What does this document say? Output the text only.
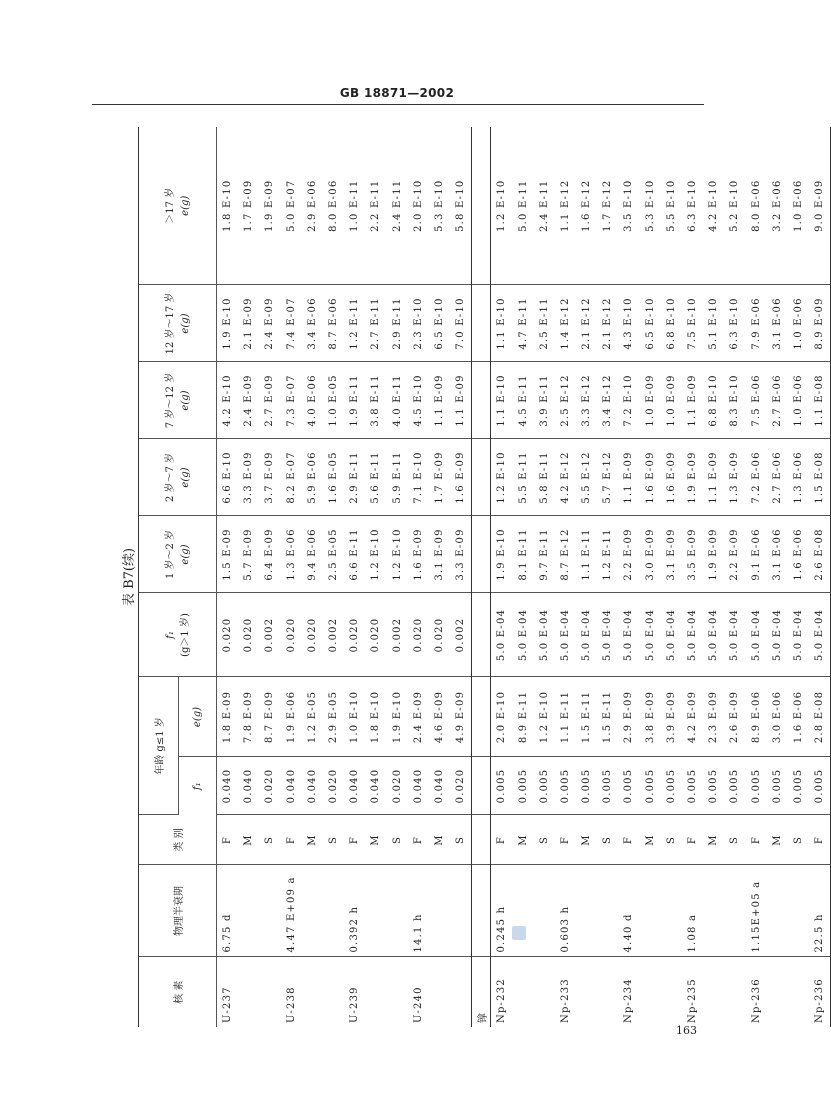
GB 18871—2002
表 B7(续)
核 素	物理半衰期	类 别	年龄 g≤1 岁		f₁ (g＞1 岁)	1 岁～2 岁 e(g)	2 岁～7 岁 e(g)	7 岁～12 岁 e(g)	12 岁～17 岁 e(g)	＞17 岁 e(g)

			f₁	e(g)						
U-237	6.75 d	F	0.040	1.8 E-09	0.020	1.5 E-09	6.6 E-10	4.2 E-10	1.9 E-10	1.8 E-10
		M	0.040	7.8 E-09	0.020	5.7 E-09	3.3 E-09	2.4 E-09	2.1 E-09	1.7 E-09
		S	0.020	8.7 E-09	0.002	6.4 E-09	3.7 E-09	2.7 E-09	2.4 E-09	1.9 E-09
U-238	4.47 E+09 a	F	0.040	1.9 E-06	0.020	1.3 E-06	8.2 E-07	7.3 E-07	7.4 E-07	5.0 E-07
		M	0.040	1.2 E-05	0.020	9.4 E-06	5.9 E-06	4.0 E-06	3.4 E-06	2.9 E-06
		S	0.020	2.9 E-05	0.002	2.5 E-05	1.6 E-05	1.0 E-05	8.7 E-06	8.0 E-06
U-239	0.392 h	F	0.040	1.0 E-10	0.020	6.6 E-11	2.9 E-11	1.9 E-11	1.2 E-11	1.0 E-11
		M	0.040	1.8 E-10	0.020	1.2 E-10	5.6 E-11	3.8 E-11	2.7 E-11	2.2 E-11
		S	0.020	1.9 E-10	0.002	1.2 E-10	5.9 E-11	4.0 E-11	2.9 E-11	2.4 E-11
U-240	14.1 h	F	0.040	2.4 E-09	0.020	1.6 E-09	7.1 E-10	4.5 E-10	2.3 E-10	2.0 E-10
		M	0.040	4.6 E-09	0.020	3.1 E-09	1.7 E-09	1.1 E-09	6.5 E-10	5.3 E-10
		S	0.020	4.9 E-09	0.002	3.3 E-09	1.6 E-09	1.1 E-09	7.0 E-10	5.8 E-10
镎										
Np-232	0.245 h	F	0.005	2.0 E-10	5.0 E-04	1.9 E-10	1.2 E-10	1.1 E-10	1.1 E-10	1.2 E-10
		M	0.005	8.9 E-11	5.0 E-04	8.1 E-11	5.5 E-11	4.5 E-11	4.7 E-11	5.0 E-11
		S	0.005	1.2 E-10	5.0 E-04	9.7 E-11	5.8 E-11	3.9 E-11	2.5 E-11	2.4 E-11
Np-233	0.603 h	F	0.005	1.1 E-11	5.0 E-04	8.7 E-12	4.2 E-12	2.5 E-12	1.4 E-12	1.1 E-12
		M	0.005	1.5 E-11	5.0 E-04	1.1 E-11	5.5 E-12	3.3 E-12	2.1 E-12	1.6 E-12
		S	0.005	1.5 E-11	5.0 E-04	1.2 E-11	5.7 E-12	3.4 E-12	2.1 E-12	1.7 E-12
Np-234	4.40 d	F	0.005	2.9 E-09	5.0 E-04	2.2 E-09	1.1 E-09	7.2 E-10	4.3 E-10	3.5 E-10
		M	0.005	3.8 E-09	5.0 E-04	3.0 E-09	1.6 E-09	1.0 E-09	6.5 E-10	5.3 E-10
		S	0.005	3.9 E-09	5.0 E-04	3.1 E-09	1.6 E-09	1.0 E-09	6.8 E-10	5.5 E-10
Np-235	1.08 a	F	0.005	4.2 E-09	5.0 E-04	3.5 E-09	1.9 E-09	1.1 E-09	7.5 E-10	6.3 E-10
		M	0.005	2.3 E-09	5.0 E-04	1.9 E-09	1.1 E-09	6.8 E-10	5.1 E-10	4.2 E-10
		S	0.005	2.6 E-09	5.0 E-04	2.2 E-09	1.3 E-09	8.3 E-10	6.3 E-10	5.2 E-10
Np-236	1.15E+05 a	F	0.005	8.9 E-06	5.0 E-04	9.1 E-06	7.2 E-06	7.5 E-06	7.9 E-06	8.0 E-06
		M	0.005	3.0 E-06	5.0 E-04	3.1 E-06	2.7 E-06	2.7 E-06	3.1 E-06	3.2 E-06
		S	0.005	1.6 E-06	5.0 E-04	1.6 E-06	1.3 E-06	1.0 E-06	1.0 E-06	1.0 E-06
Np-236	22.5 h	F	0.005	2.8 E-08	5.0 E-04	2.6 E-08	1.5 E-08	1.1 E-08	8.9 E-09	9.0 E-09
163
